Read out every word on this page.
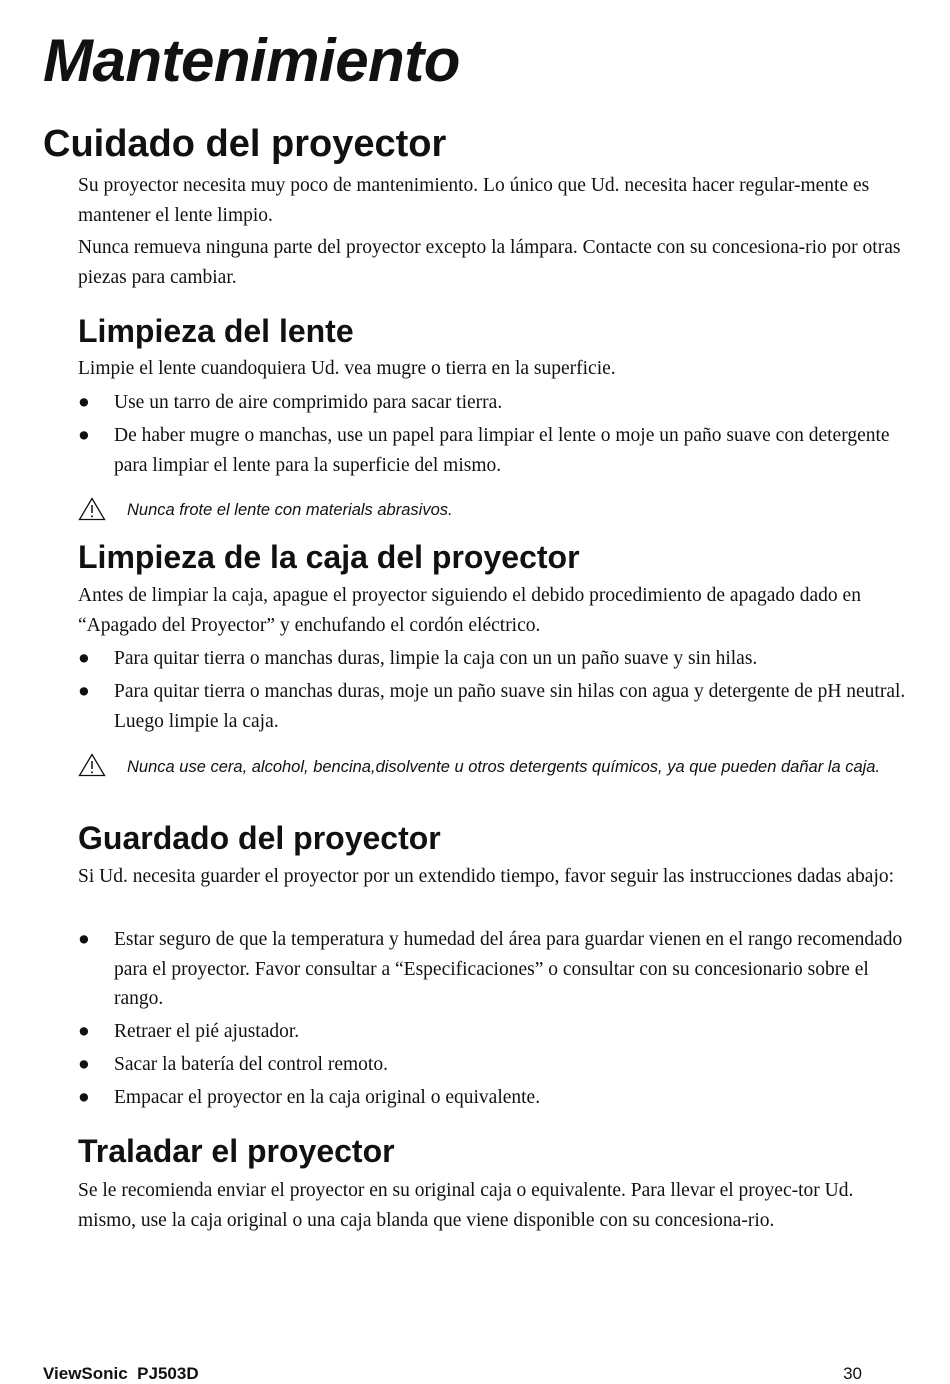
Mantenimiento
Cuidado del proyector

Su proyector necesita muy poco de mantenimiento. Lo único que Ud. necesita hacer regular-mente es mantener el lente limpio.

Nunca remueva ninguna parte del proyector excepto la lámpara. Contacte con su concesiona-rio por otras piezas para cambiar.

Limpieza del lente

Limpie el lente cuandoquiera Ud. vea mugre o tierra en la superficie.

●	Use un tarro de aire comprimido para sacar tierra.
●	De haber mugre o manchas, use un papel para limpiar el lente o moje un paño suave con detergente para limpiar el lente para la superficie del mismo.
Nunca frote el lente con materials abrasivos.
Limpieza de la caja del proyector

Antes de limpiar la caja, apague el proyector siguiendo el debido procedimiento de apagado dado en “Apagado del Proyector” y enchufando el cordón eléctrico.

●	Para quitar tierra o manchas duras, limpie la caja con un un paño suave y sin hilas.
●	Para quitar tierra o manchas duras, moje un paño suave sin hilas con agua y detergente de pH neutral. Luego limpie la caja.
Nunca use cera, alcohol, bencina,disolvente u otros detergents químicos, ya que pueden dañar la caja.
Guardado del proyector

Si Ud. necesita guarder el proyector por un extendido tiempo, favor seguir las instrucciones dadas abajo:

●	Estar seguro de que la temperatura y humedad del área para guardar vienen en el rango recomendado para el proyector. Favor consultar a “Especificaciones” o consultar con su concesionario sobre el rango.
●	Retraer el pié ajustador.
●	Sacar la batería del control remoto.
●	Empacar el proyector en la caja original o equivalente.
Traladar el proyector

Se le recomienda enviar el proyector en su original caja o equivalente. Para llevar el proyec-tor Ud. mismo, use la caja original o una caja blanda que viene disponible con su concesiona-rio.

ViewSonic  PJ503D	30
